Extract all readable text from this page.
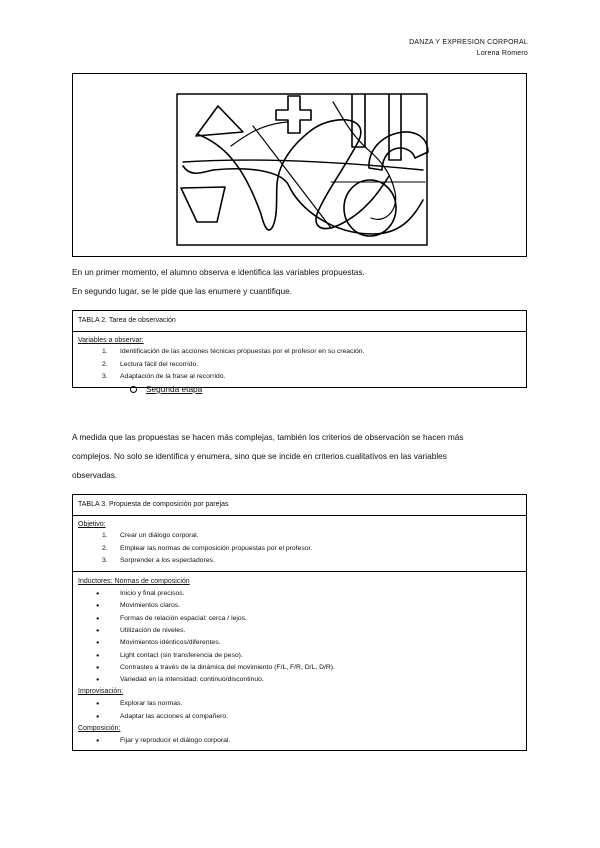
DANZA Y EXPRESIÓN CORPORAL
Lorena Romero
En un primer momento, el alumno observa e identifica las variables propuestas.
En segundo lugar, se le pide que las enumere y cuantifique.
TABLA 2. Tarea de observación
Variables a observar:
1. Identificación de las acciones técnicas propuestas por el profesor en su creación.
2. Lectura fácil del recorrido.
3. Adaptación de la frase al recorrido.
Segunda etapa
A medida que las propuestas se hacen más complejas, también los criterios de observación se hacen más
complejos. No solo se identifica y enumera, sino que se incide en criterios cualitativos en las variables
observadas.
TABLA 3. Propuesta de composición por parejas
Objetivo:
1. Crear un diálogo corporal.
2. Emplear las normas de composición propuestas por el profesor.
3. Sorprender a los espectadores.
Inductores: Normas de composición
● Inicio y final precisos.
● Movimientos claros.
● Formas de relación espacial: cerca / lejos.
● Utilización de niveles.
● Movimientos idénticos/diferentes.
● Light contact (sin transferencia de peso).
● Contrastes a través de la dinámica del movimiento (F/L, F/R, D/L, D/R).
● Variedad en la intensidad: continuo/discontinuo.
Improvisación:
● Explorar las normas.
● Adaptar las acciones al compañero.
Composición:
● Fijar y reproducir el diálogo corporal.
